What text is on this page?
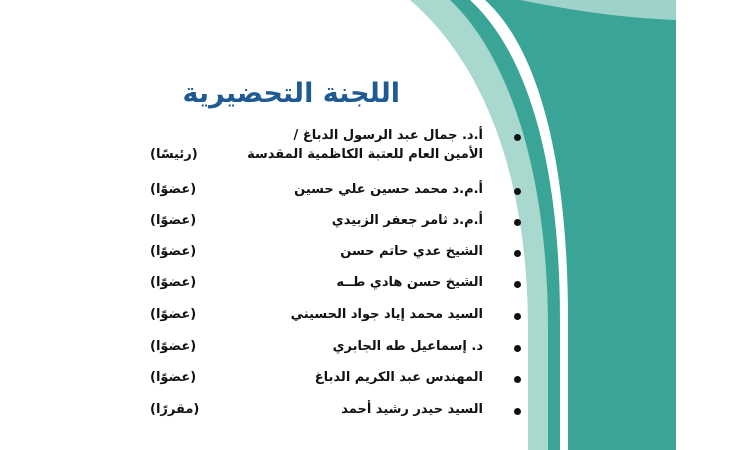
اللجنة التحضيرية
أ.د. جمال عبد الرسول الدباغ /
الأمين العام للعتبة الكاظمية المقدسة
(رئيسًا)
أ.م.د محمد حسين علي حسين
(عضوًا)
أ.م.د ثامر جعفر الزبيدي
(عضوًا)
الشيخ عدي حاتم حسن
(عضوًا)
الشيخ حسن هادي طــه
(عضوًا)
السيد محمد إياد جواد الحسيني
(عضوًا)
د. إسماعيل طه الجابري
(عضوًا)
المهندس عبد الكريم الدباغ
(عضوًا)
السيد حيدر رشيد أحمد
(مقررًا)
